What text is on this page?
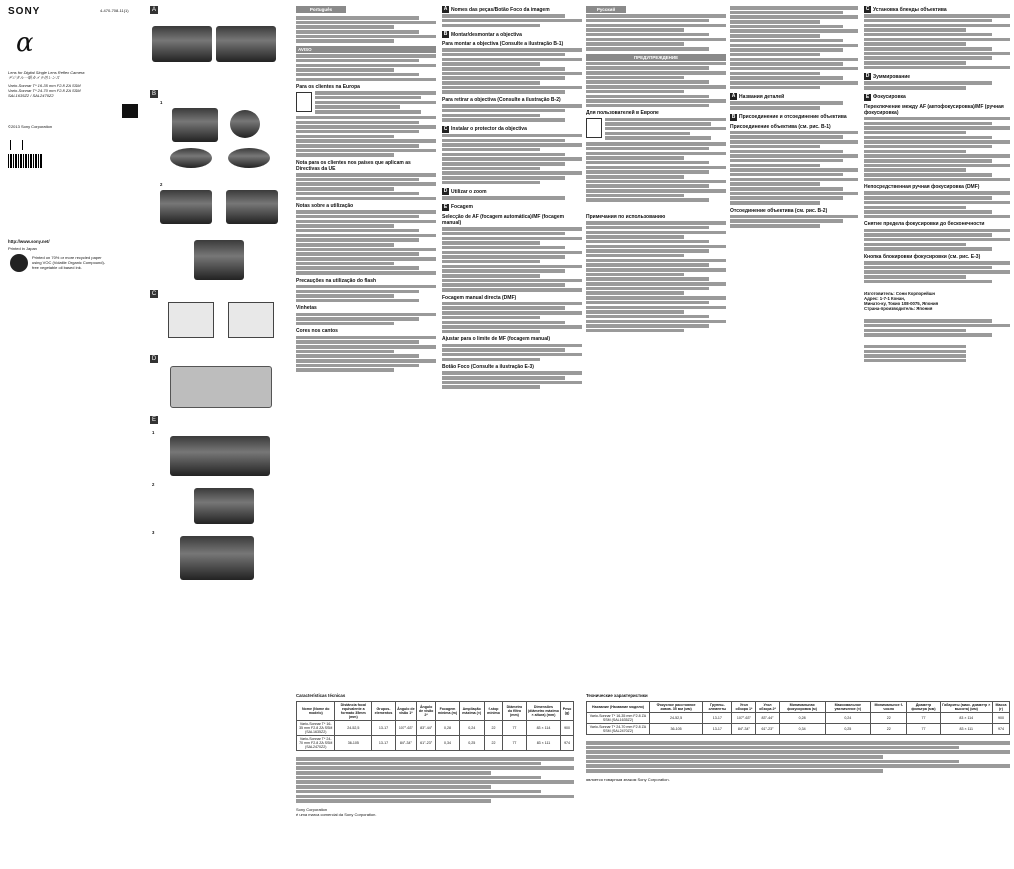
SONY	4-470-708-11(1)
α
Lens for Digital Single Lens Reflex Camera
デジタル一眼カメラ用レンズ
Vario-Sonnar T* 16-35 mm F2.8 ZA SSM
Vario-Sonnar T* 24-70 mm F2.8 ZA SSM
SAL1635Z2 / SAL2470Z2
©2013 Sony Corporation
http://www.sony.net/
Printed in Japan
Printed on 70% or more recycled paper using VOC (Volatile Organic Compound)-free vegetable oil based ink.
A
B
1
2
C
D
E
1
2
3
Português
AVISO
Para os clientes na Europa
Nota para os clientes nos países que aplicam as Directivas da UE
Notas sobre a utilização
Precauções na utilização do flash
Vinhetas
Cores nos cantos
A Nomes das peças/Botão Foco da imagem
B Montar/desmontar a objectiva
Para montar a objectiva (Consulte a ilustração B-1)
Para retirar a objectiva (Consulte a ilustração B-2)
C Instalar o protector da objectiva
D Utilizar o zoom
E Focagem
Selecção de AF (focagem automática)/MF (focagem manual)
Focagem manual directa (DMF)
Ajustar para o limite de MF (focagem manual)
Botão Foco (Consulte a ilustração E-3)
Русский
ПРЕДУПРЕЖДЕНИЕ
Для пользователей в Европе
Примечания по использованию
A Названия деталей
B Присоединение и отсоединение объектива
Присоединение объектива (см. рис. B-1)
Отсоединение объектива (см. рис. B-2)
C Установка бленды объектива
D Зуммирование
E Фокусировка
Переключение между AF (автофокусировка)/MF (ручная фокусировка)
Непосредственная ручная фокусировка (DMF)
Снятие предела фокусировки до бесконечности
Кнопка блокировки фокусировки (см. рис. E-3)
Изготовитель: Сони Корпорейшн
Адрес: 1-7-1 Конан,
Минато-ку, Токио 108-0075, Япония
Страна-производитель: Япония
Características técnicas
Nome (Nome do modelo)	Distância focal equivalente a formato 35mm (mm)	Grupos-elementos	Ângulo de visão 1*	Ângulo de visão 2*	Focagem mínima (m)	Ampliação máxima (×)	f-stop mínimo	Diâmetro do filtro (mm)	Dimensões (diâmetro máximo × altura) (mm)	Peso (g)
Vario-Sonnar T* 16-35 mm F2.8 ZA SSM (SAL1635Z2)	24-52,5	13-17	107°-63°	83°-44°	0,28	0,24	22	77	83 × 114	900
Vario-Sonnar T* 24-70 mm F2.8 ZA SSM (SAL2470Z2)	36-105	13-17	84°-34°	61°-23°	0,34	0,25	22	77	83 × 111	974
Sony Corporation
é uma marca comercial da Sony Corporation.
Технические характеристики
Название (Название модели)	Фокусное расстояние эквив. 35 мм (мм)	Группы-элементы	Угол обзора 1*	Угол обзора 2*	Минимальная фокусировка (м)	Максимальное увеличение (×)	Минимальное f-число	Диаметр фильтра (мм)	Габариты (макс. диаметр × высота) (мм)	Масса (г)
Vario-Sonnar T* 16-35 mm F2.8 ZA SSM (SAL1635Z2)	24-52,5	13-17	107°-63°	83°-44°	0,28	0,24	22	77	83 × 114	900
Vario-Sonnar T* 24-70 mm F2.8 ZA SSM (SAL2470Z2)	36-105	13-17	84°-34°	61°-23°	0,34	0,25	22	77	83 × 111	974
является товарным знаком Sony Corporation.
